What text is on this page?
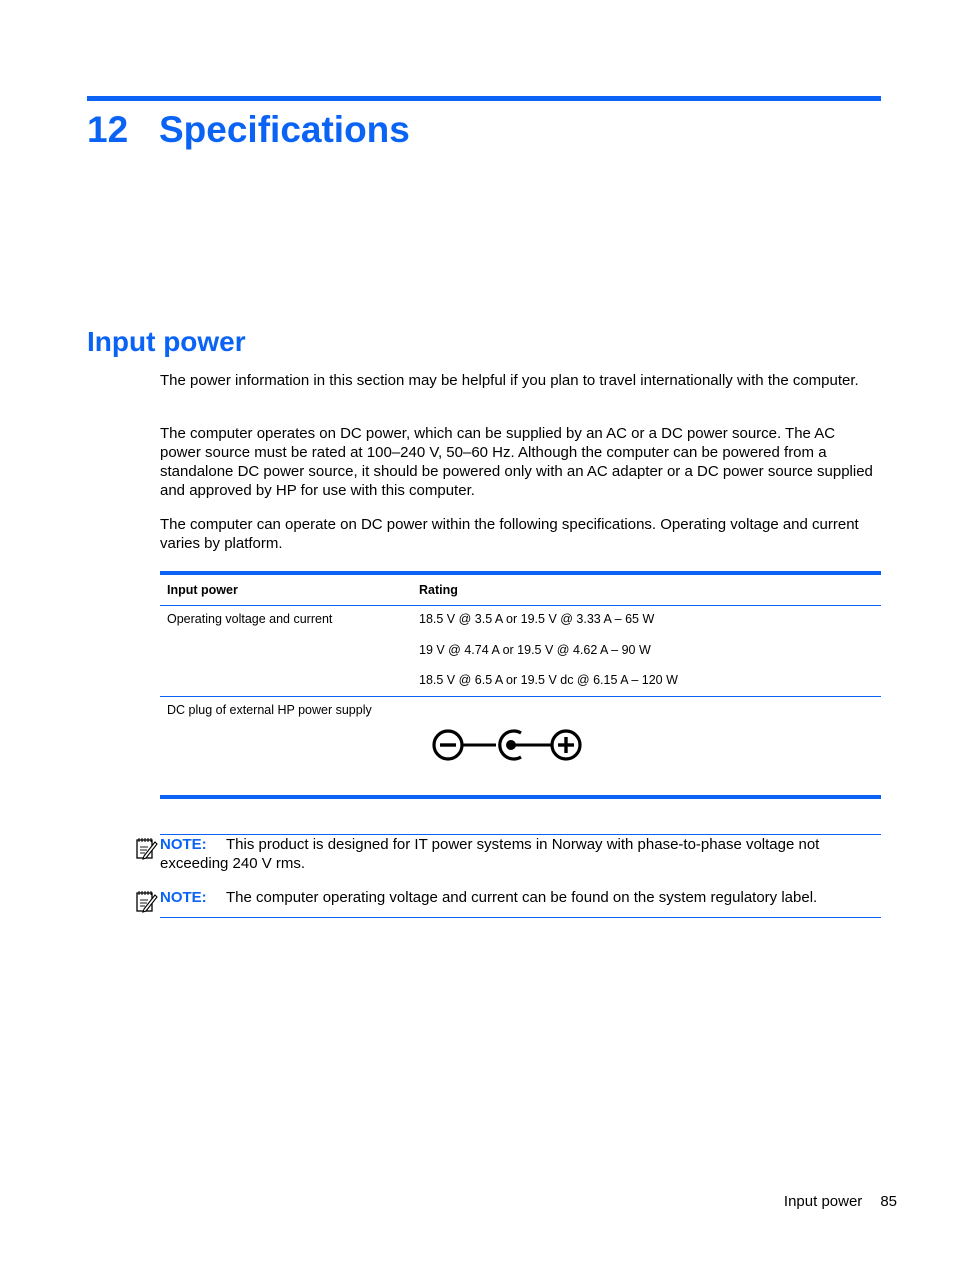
12 Specifications
Input power
The power information in this section may be helpful if you plan to travel internationally with the computer.
The computer operates on DC power, which can be supplied by an AC or a DC power source. The AC power source must be rated at 100–240 V, 50–60 Hz. Although the computer can be powered from a standalone DC power source, it should be powered only with an AC adapter or a DC power source supplied and approved by HP for use with this computer.
The computer can operate on DC power within the following specifications. Operating voltage and current varies by platform.
Input power	Rating
Operating voltage and current	18.5 V @ 3.5 A or 19.5 V @ 3.33 A – 65 W
19 V @ 4.74 A or 19.5 V @ 4.62 A – 90 W
18.5 V @ 6.5 A or 19.5 V dc @ 6.15 A – 120 W
DC plug of external HP power supply
NOTE: This product is designed for IT power systems in Norway with phase-to-phase voltage not exceeding 240 V rms.
NOTE: The computer operating voltage and current can be found on the system regulatory label.
Input power 85
